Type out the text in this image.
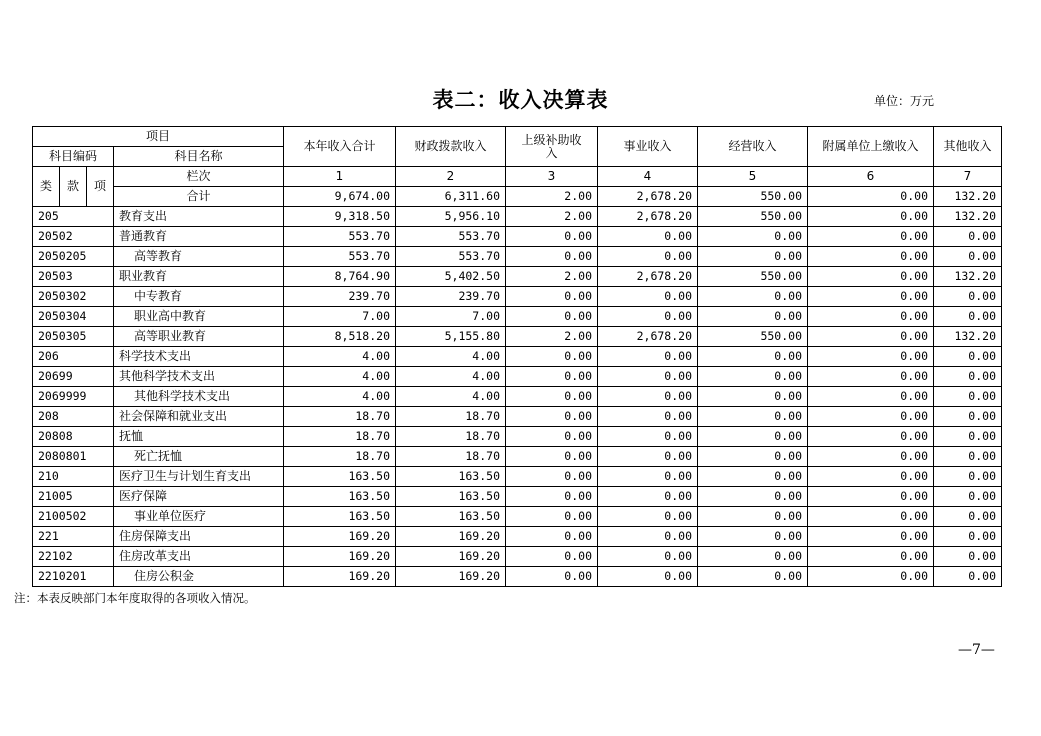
表二：收入决算表	单位：万元
项目				本年收入合计	财政拨款收入	上级补助收入	事业收入	经营收入	附属单位上缴收入	其他收入
科目编码			科目名称							
类	款	项	栏次	1	2	3	4	5	6	7
			合计	9,674.00	6,311.60	2.00	2,678.20	550.00	0.00	132.20
205			教育支出	9,318.50	5,956.10	2.00	2,678.20	550.00	0.00	132.20
20502			普通教育	553.70	553.70	0.00	0.00	0.00	0.00	0.00
2050205			高等教育	553.70	553.70	0.00	0.00	0.00	0.00	0.00
20503			职业教育	8,764.90	5,402.50	2.00	2,678.20	550.00	0.00	132.20
2050302			中专教育	239.70	239.70	0.00	0.00	0.00	0.00	0.00
2050304			职业高中教育	7.00	7.00	0.00	0.00	0.00	0.00	0.00
2050305			高等职业教育	8,518.20	5,155.80	2.00	2,678.20	550.00	0.00	132.20
206			科学技术支出	4.00	4.00	0.00	0.00	0.00	0.00	0.00
20699			其他科学技术支出	4.00	4.00	0.00	0.00	0.00	0.00	0.00
2069999			其他科学技术支出	4.00	4.00	0.00	0.00	0.00	0.00	0.00
208			社会保障和就业支出	18.70	18.70	0.00	0.00	0.00	0.00	0.00
20808			抚恤	18.70	18.70	0.00	0.00	0.00	0.00	0.00
2080801			死亡抚恤	18.70	18.70	0.00	0.00	0.00	0.00	0.00
210			医疗卫生与计划生育支出	163.50	163.50	0.00	0.00	0.00	0.00	0.00
21005			医疗保障	163.50	163.50	0.00	0.00	0.00	0.00	0.00
2100502			事业单位医疗	163.50	163.50	0.00	0.00	0.00	0.00	0.00
221			住房保障支出	169.20	169.20	0.00	0.00	0.00	0.00	0.00
22102			住房改革支出	169.20	169.20	0.00	0.00	0.00	0.00	0.00
2210201			住房公积金	169.20	169.20	0.00	0.00	0.00	0.00	0.00
注：本表反映部门本年度取得的各项收入情况。
—7—
